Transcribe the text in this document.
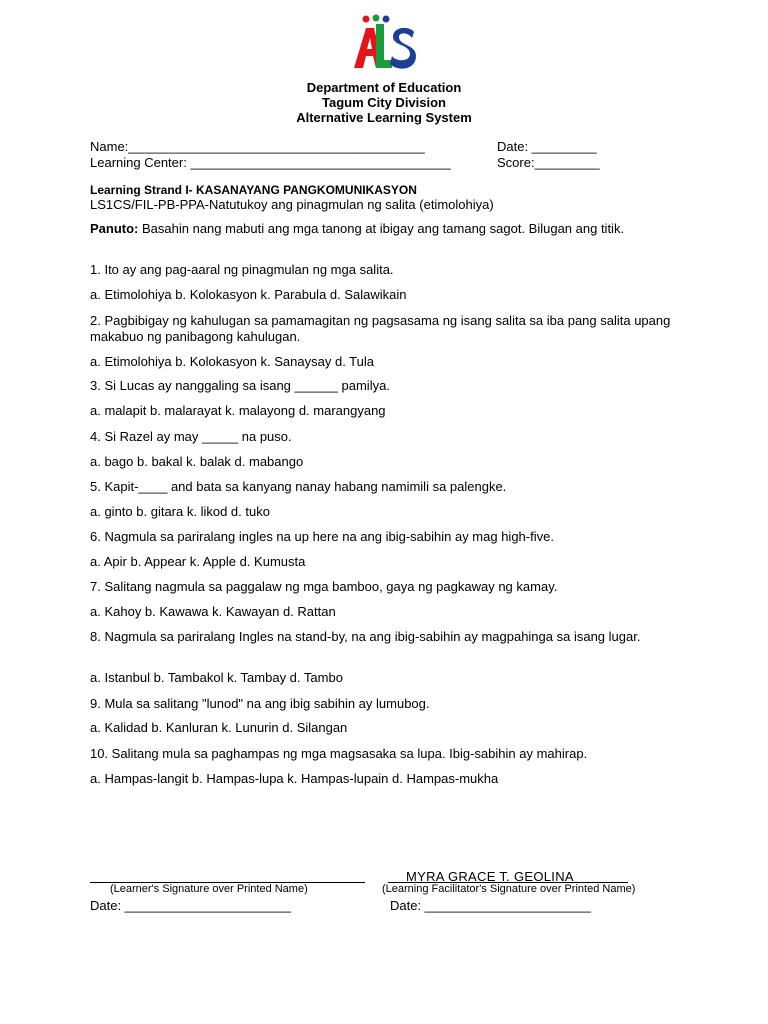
Department of Education
Tagum City Division
Alternative Learning System
Name:_________________________________________	Date: _________
Learning Center: ____________________________________	Score:_________
Learning Strand I- KASANAYANG PANGKOMUNIKASYON
LS1CS/FIL-PB-PPA-Natutukoy ang pinagmulan ng salita (etimolohiya)
Panuto: Basahin nang mabuti ang mga tanong at ibigay ang tamang sagot. Bilugan ang titik.
1. Ito ay ang pag-aaral ng pinagmulan ng mga salita.
a. Etimolohiya b. Kolokasyon k. Parabula d. Salawikain
2. Pagbibigay ng kahulugan sa pamamagitan ng pagsasama ng isang salita sa iba pang salita upang makabuo ng panibagong kahulugan.
a. Etimolohiya b. Kolokasyon k. Sanaysay d. Tula
3. Si Lucas ay nanggaling sa isang ______ pamilya.
a. malapit b. malarayat k. malayong d. marangyang
4. Si Razel ay may _____ na puso.
a. bago b. bakal k. balak d. mabango
5. Kapit-____ and bata sa kanyang nanay habang namimili sa palengke.
a. ginto b. gitara k. likod d. tuko
6. Nagmula sa pariralang ingles na up here na ang ibig-sabihin ay mag high-five.
a. Apir b. Appear k. Apple d. Kumusta
7. Salitang nagmula sa paggalaw ng mga bamboo, gaya ng pagkaway ng kamay.
a. Kahoy b. Kawawa k. Kawayan d. Rattan
8. Nagmula sa pariralang Ingles na stand-by, na ang ibig-sabihin ay magpahinga sa isang lugar.
a. Istanbul b. Tambakol k. Tambay d. Tambo
9. Mula sa salitang "lunod" na ang ibig sabihin ay lumubog.
a. Kalidad b. Kanluran k. Lunurin d. Silangan
10. Salitang mula sa paghampas ng mga magsasaka sa lupa. Ibig-sabihin ay mahirap.
a. Hampas-langit b. Hampas-lupa k. Hampas-lupain d. Hampas-mukha
MYRA GRACE T. GEOLINA
(Learner's Signature over Printed Name)	(Learning Facilitator's Signature over Printed Name)
Date: _______________________	Date: _______________________
